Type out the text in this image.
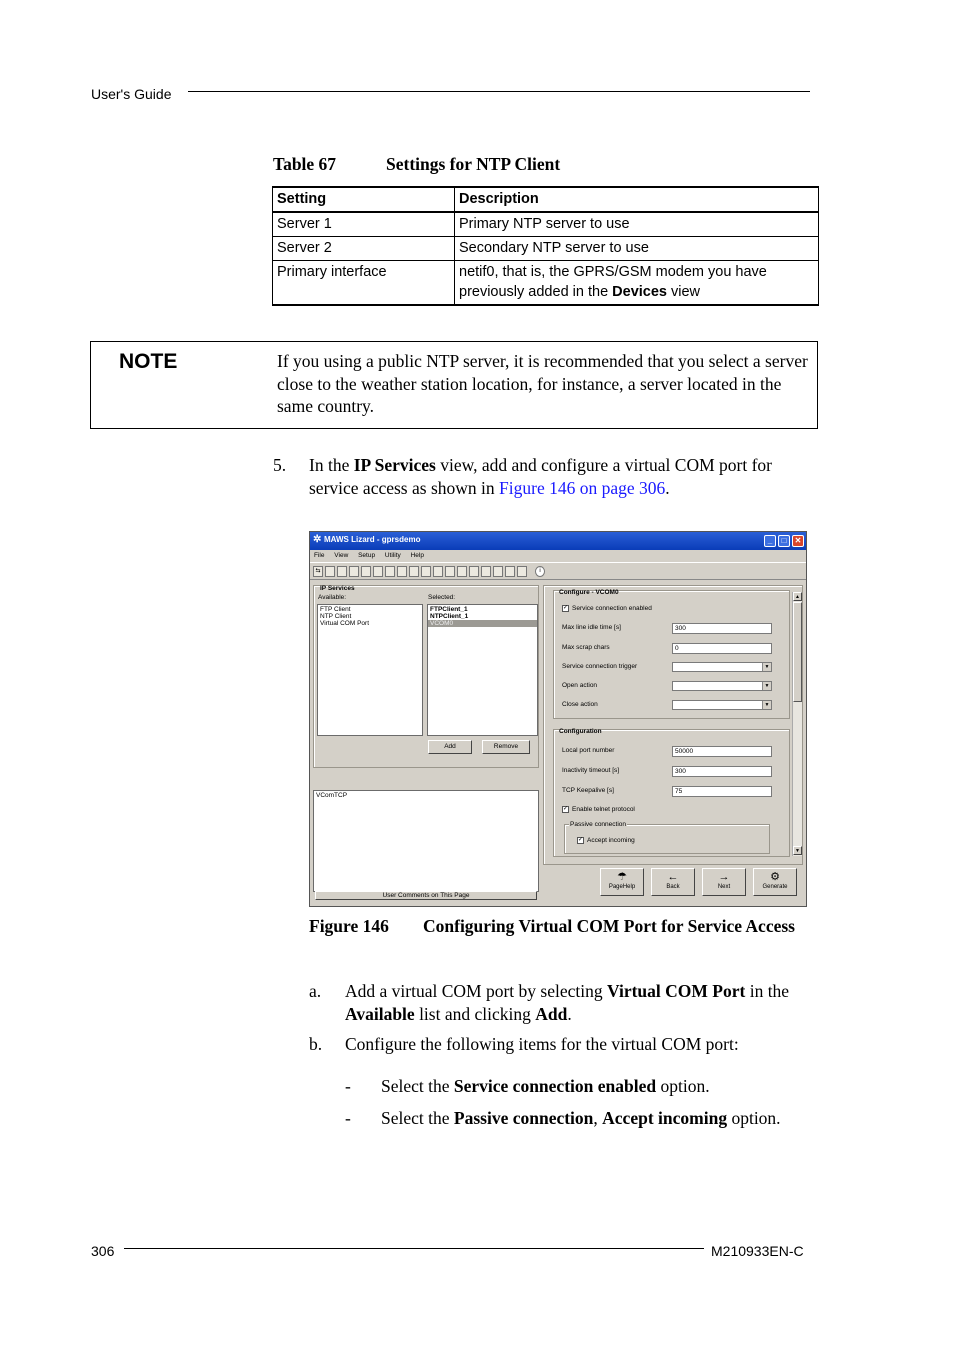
User's Guide
Table 67	Settings for NTP Client
Setting	Description
Server 1	Primary NTP server to use
Server 2	Secondary NTP server to use
Primary interface	netif0, that is, the GPRS/GSM modem you have previously added in the Devices view
NOTE	If you using a public NTP server, it is recommended that you select a server close to the weather station location, for instance, a server located in the same country.
5. In the IP Services view, add and configure a virtual COM port for service access as shown in Figure 146 on page 306.
✲ MAWS Lizard - gprsdemo	_	□	✕
File View Setup Utility Help
⇆	i
IP Services
Available:	Selected:
FTP Client
NTP Client
Virtual COM Port
FTPClient_1
NTPClient_1
VCOM0
Add	Remove
VComTCP
User Comments on This Page
Configure - VCOM0
✓ Service connection enabled
Max line idle time [s]	300
Max scrap chars	0
Service connection trigger	▼
Open action	▼
Close action	▼
Configuration
Local port number	50000
Inactivity timeout [s]	300
TCP Keepalive [s]	75
✓ Enable telnet protocol
Passive connection
✓ Accept incoming
▲
▼
☂
PageHelp
←
Back
→
Next
⚙
Generate
Figure 146 Configuring Virtual COM Port for Service Access
a. Add a virtual COM port by selecting Virtual COM Port in the Available list and clicking Add.
b. Configure the following items for the virtual COM port:
- Select the Service connection enabled option.
- Select the Passive connection, Accept incoming option.
306	M210933EN-C
